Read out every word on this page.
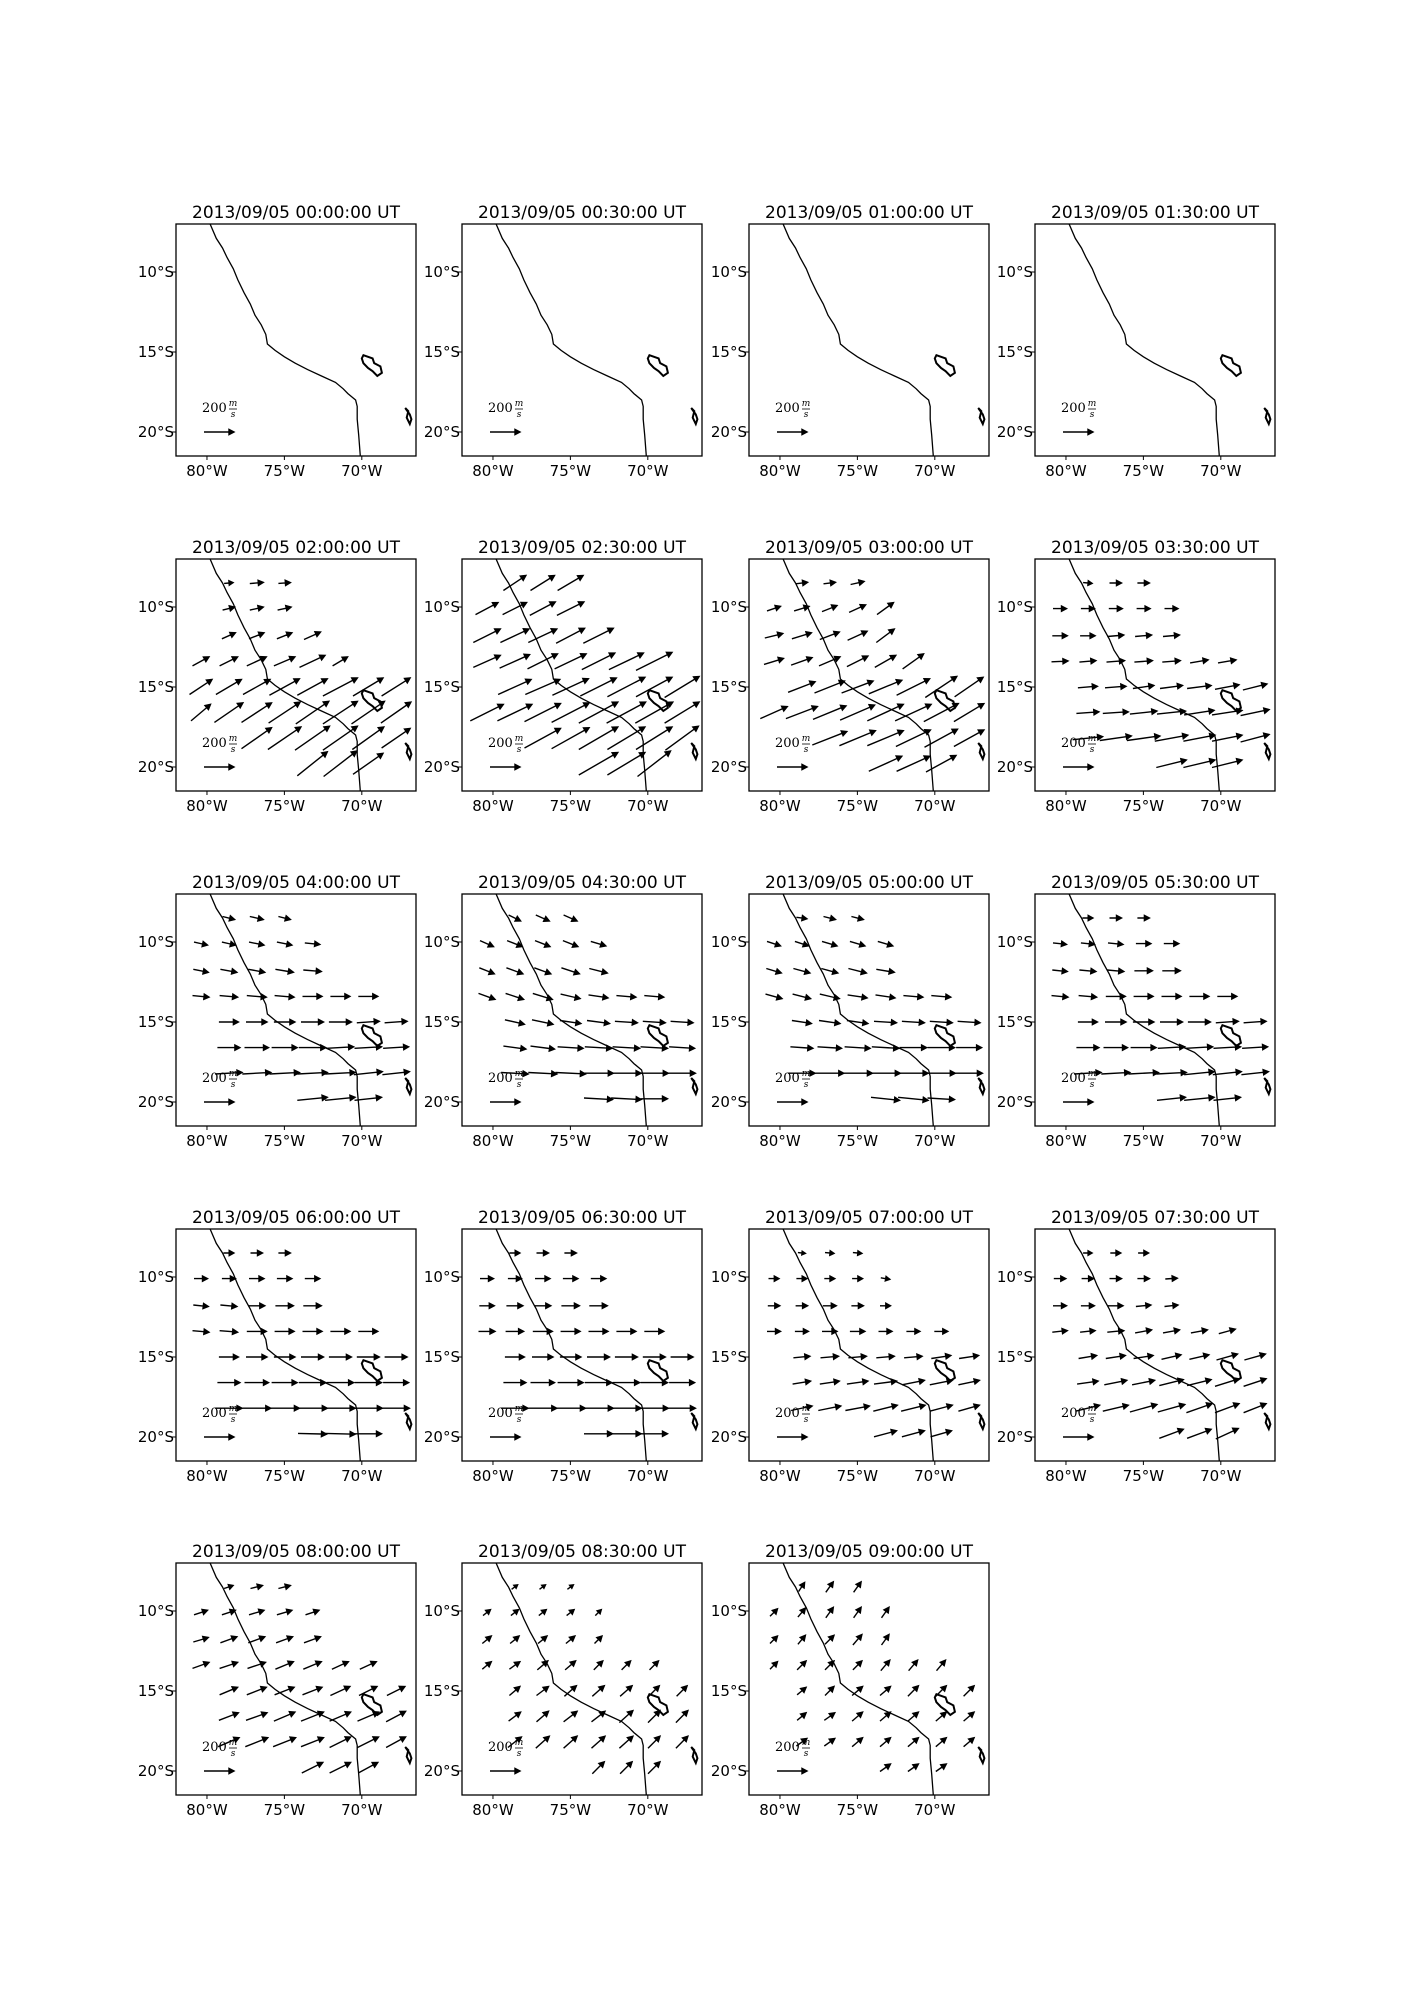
2013/09/05 00:00:00 UT
200 m
s
80°W 75°W 70°W
10°S
15°S
20°S
2013/09/05 00:30:00 UT
200 m
s
80°W 75°W 70°W
10°S
15°S
20°S
2013/09/05 01:00:00 UT
200 m
s
80°W 75°W 70°W
10°S
15°S
20°S
2013/09/05 01:30:00 UT
200 m
s
80°W 75°W 70°W
10°S
15°S
20°S
2013/09/05 02:00:00 UT
200 m
s
80°W 75°W 70°W
10°S
15°S
20°S
2013/09/05 02:30:00 UT
200 m
s
80°W 75°W 70°W
10°S
15°S
20°S
2013/09/05 03:00:00 UT
200 m
s
80°W 75°W 70°W
10°S
15°S
20°S
2013/09/05 03:30:00 UT
200 m
s
80°W 75°W 70°W
10°S
15°S
20°S
2013/09/05 04:00:00 UT
200 m
s
80°W 75°W 70°W
10°S
15°S
20°S
2013/09/05 04:30:00 UT
200 m
s
80°W 75°W 70°W
10°S
15°S
20°S
2013/09/05 05:00:00 UT
200 m
s
80°W 75°W 70°W
10°S
15°S
20°S
2013/09/05 05:30:00 UT
200 m
s
80°W 75°W 70°W
10°S
15°S
20°S
2013/09/05 06:00:00 UT
200 m
s
80°W 75°W 70°W
10°S
15°S
20°S
2013/09/05 06:30:00 UT
200 m
s
80°W 75°W 70°W
10°S
15°S
20°S
2013/09/05 07:00:00 UT
200 m
s
80°W 75°W 70°W
10°S
15°S
20°S
2013/09/05 07:30:00 UT
200 m
s
80°W 75°W 70°W
10°S
15°S
20°S
2013/09/05 08:00:00 UT
200 m
s
80°W 75°W 70°W
10°S
15°S
20°S
2013/09/05 08:30:00 UT
200 m
s
80°W 75°W 70°W
10°S
15°S
20°S
2013/09/05 09:00:00 UT
200 m
s
80°W 75°W 70°W
10°S
15°S
20°S
